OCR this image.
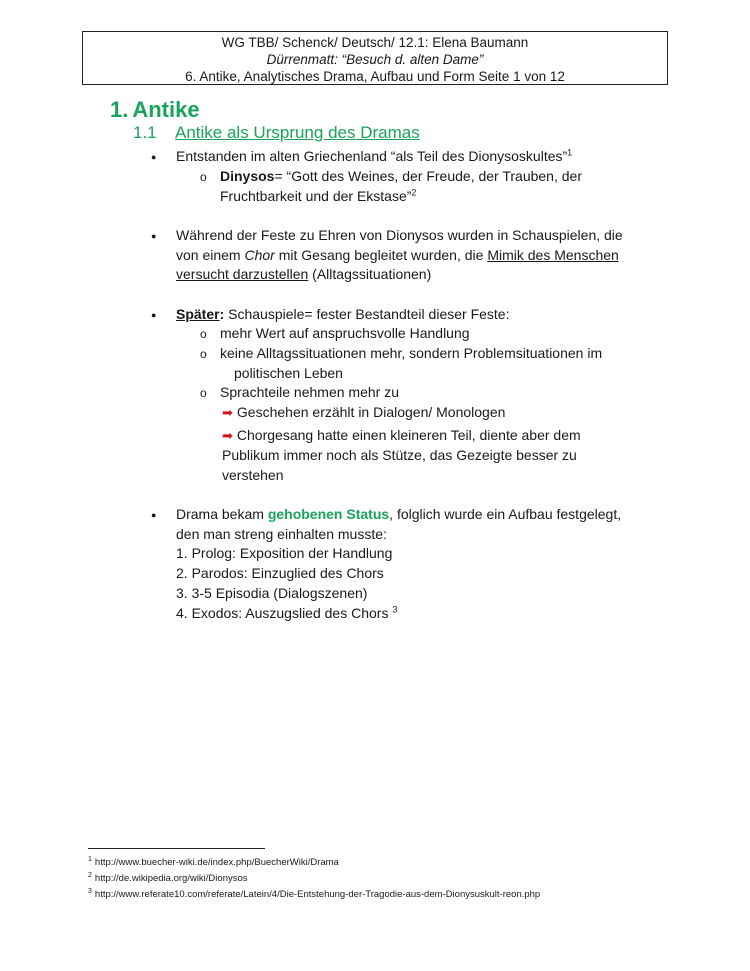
WG TBB/ Schenck/ Deutsch/ 12.1: Elena Baumann
Dürrenmatt: “Besuch d. alten Dame”
6. Antike, Analytisches Drama, Aufbau und Form Seite 1 von 12
1. Antike
1.1 Antike als Ursprung des Dramas
● Entstanden im alten Griechenland “als Teil des Dionysoskultes”$^1$
o Dinysos= “Gott des Weines, der Freude, der Trauben, der
Fruchtbarkeit und der Ekstase”$^2$
● Während der Feste zu Ehren von Dionysos wurden in Schauspielen, die
von einem Chor mit Gesang begleitet wurden, die Mimik des Menschen
versucht darzustellen (Alltagssituationen)
● Später: Schauspiele= fester Bestandteil dieser Feste:
o mehr Wert auf anspruchsvolle Handlung
o keine Alltagssituationen mehr, sondern Problemsituationen im
politischen Leben
o Sprachteile nehmen mehr zu
➡ Geschehen erzählt in Dialogen/ Monologen
➡ Chorgesang hatte einen kleineren Teil, diente aber dem
Publikum immer noch als Stütze, das Gezeigte besser zu
verstehen
● Drama bekam gehobenen Status, folglich wurde ein Aufbau festgelegt,
den man streng einhalten musste:
1. Prolog: Exposition der Handlung
2. Parodos: Einzuglied des Chors
3. 3-5 Episodia (Dialogszenen)
4. Exodos: Auszugslied des Chors $^3$
$^1$ http://www.buecher-wiki.de/index.php/BuecherWiki/Drama
$^2$ http://de.wikipedia.org/wiki/Dionysos
$^3$ http://www.referate10.com/referate/Latein/4/Die-Entstehung-der-Tragodie-aus-dem-Dionysuskult-reon.php
